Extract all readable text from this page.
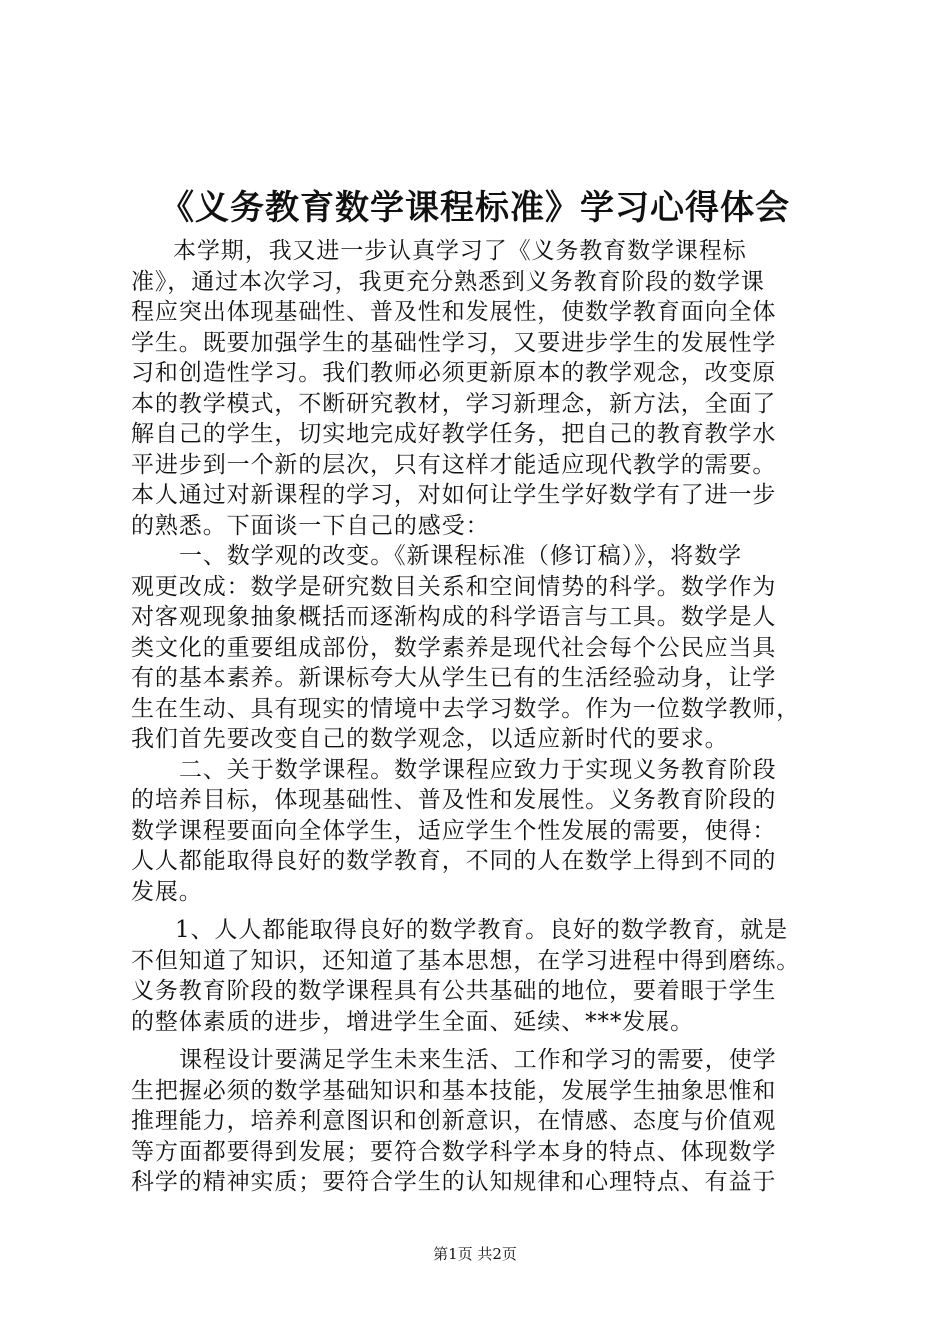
《义务教育数学课程标准》学习心得体会
本学期，我又进一步认真学习了《义务教育数学课程标
准》，通过本次学习，我更充分熟悉到义务教育阶段的数学课
程应突出体现基础性、普及性和发展性，使数学教育面向全体
学生。既要加强学生的基础性学习，又要进步学生的发展性学
习和创造性学习。我们教师必须更新原本的教学观念，改变原
本的教学模式，不断研究教材，学习新理念，新方法，全面了
解自己的学生，切实地完成好教学任务，把自己的教育教学水
平进步到一个新的层次，只有这样才能适应现代教学的需要。
本人通过对新课程的学习，对如何让学生学好数学有了进一步
的熟悉。下面谈一下自己的感受：
一、数学观的改变。《新课程标准（修订稿）》，将数学
观更改成：数学是研究数目关系和空间情势的科学。数学作为
对客观现象抽象概括而逐渐构成的科学语言与工具。数学是人
类文化的重要组成部份，数学素养是现代社会每个公民应当具
有的基本素养。新课标夸大从学生已有的生活经验动身，让学
生在生动、具有现实的情境中去学习数学。作为一位数学教师，
我们首先要改变自己的数学观念，以适应新时代的要求。
二、关于数学课程。数学课程应致力于实现义务教育阶段
的培养目标，体现基础性、普及性和发展性。义务教育阶段的
数学课程要面向全体学生，适应学生个性发展的需要，使得：
人人都能取得良好的数学教育，不同的人在数学上得到不同的
发展。
1、人人都能取得良好的数学教育。良好的数学教育，就是
不但知道了知识，还知道了基本思想，在学习进程中得到磨练。
义务教育阶段的数学课程具有公共基础的地位，要着眼于学生
的整体素质的进步，增进学生全面、延续、***发展。
课程设计要满足学生未来生活、工作和学习的需要，使学
生把握必须的数学基础知识和基本技能，发展学生抽象思惟和
推理能力，培养利意图识和创新意识，在情感、态度与价值观
等方面都要得到发展；要符合数学科学本身的特点、体现数学
科学的精神实质；要符合学生的认知规律和心理特点、有益于
第1页 共2页
